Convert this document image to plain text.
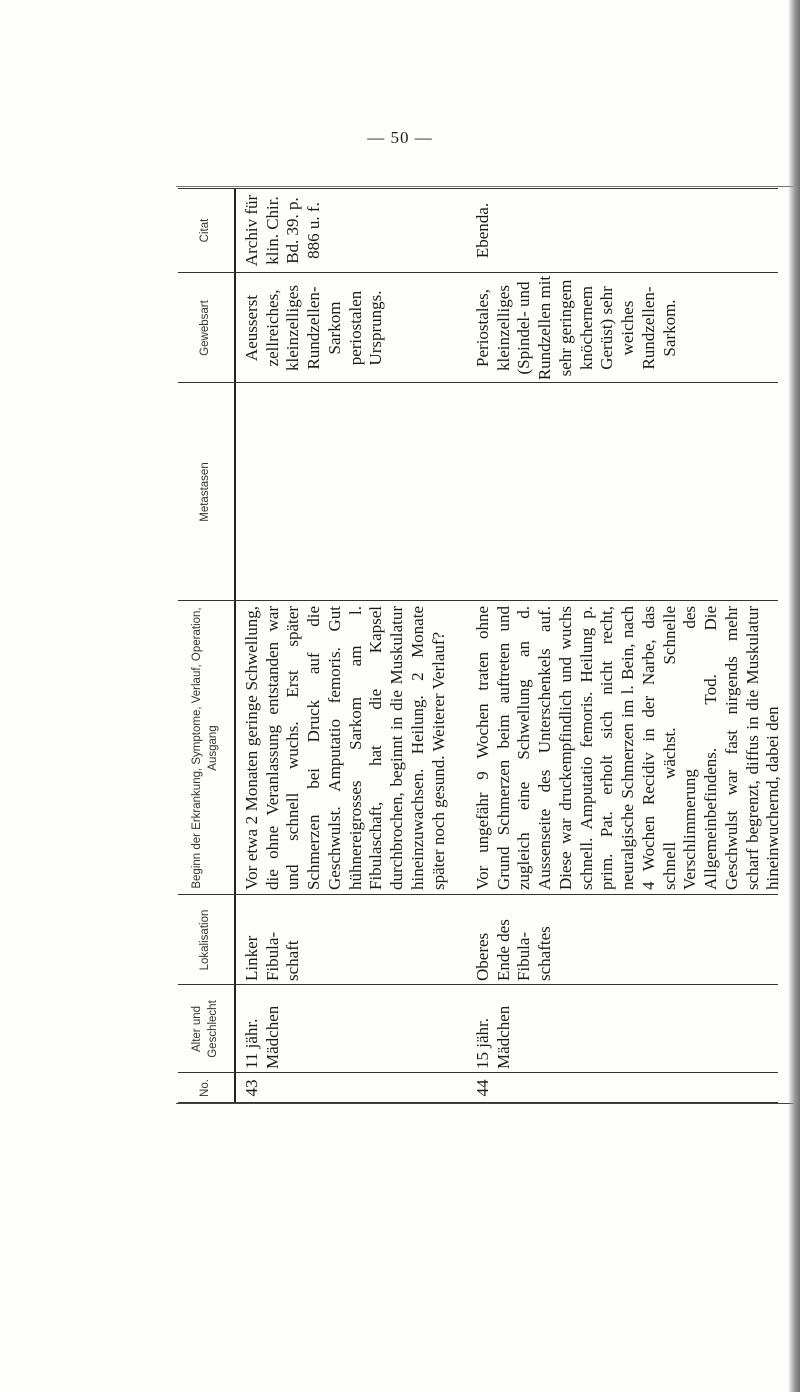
— 50 —
No.
Alter und Geschlecht
Lokalisation
Beginn der Erkrankung, Symptome, Verlauf, Operation, Ausgang
Metastasen
Gewebsart
Citat
43
11 jähr. Mädchen
Linker Fibula-schaft
Vor etwa 2 Monaten geringe Schwellung, die ohne Veranlassung entstanden war und schnell wuchs. Erst später Schmerzen bei Druck auf die Geschwulst. Amputatio femoris. Gut hühnereigrosses Sarkom am l. Fibulaschaft, hat die Kapsel durchbrochen, beginnt in die Muskulatur hineinzuwachsen. Heilung. 2 Monate später noch gesund. Weiterer Verlauf?
Aeusserst zellreiches, kleinzelliges Rundzellen-Sarkom periostalen Ursprungs.
Archiv für klin. Chir. Bd. 39. p. 886 u. f.
44
15 jähr. Mädchen
Oberes Ende des Fibula-schaftes
Vor ungefähr 9 Wochen traten ohne Grund Schmerzen beim auftreten und zugleich eine Schwellung an d. Aussenseite des Unterschenkels auf. Diese war druckempfindlich und wuchs schnell. Amputatio femoris. Heilung p. prim. Pat. erholt sich nicht recht, neuralgische Schmerzen im l. Bein, nach 4 Wochen Recidiv in der Narbe, das schnell wächst. Schnelle Verschlimmerung des Allgemeinbefindens. Tod. Die Geschwulst war fast nirgends mehr scharf begrenzt, diffus in die Muskulatur hineinwuchernd, dabei den
Periostales, kleinzelliges (Spindel- und Rundzellen mit sehr geringem knöchernem Gerüst) sehr weiches Rundzellen-Sarkom.
Ebenda.
